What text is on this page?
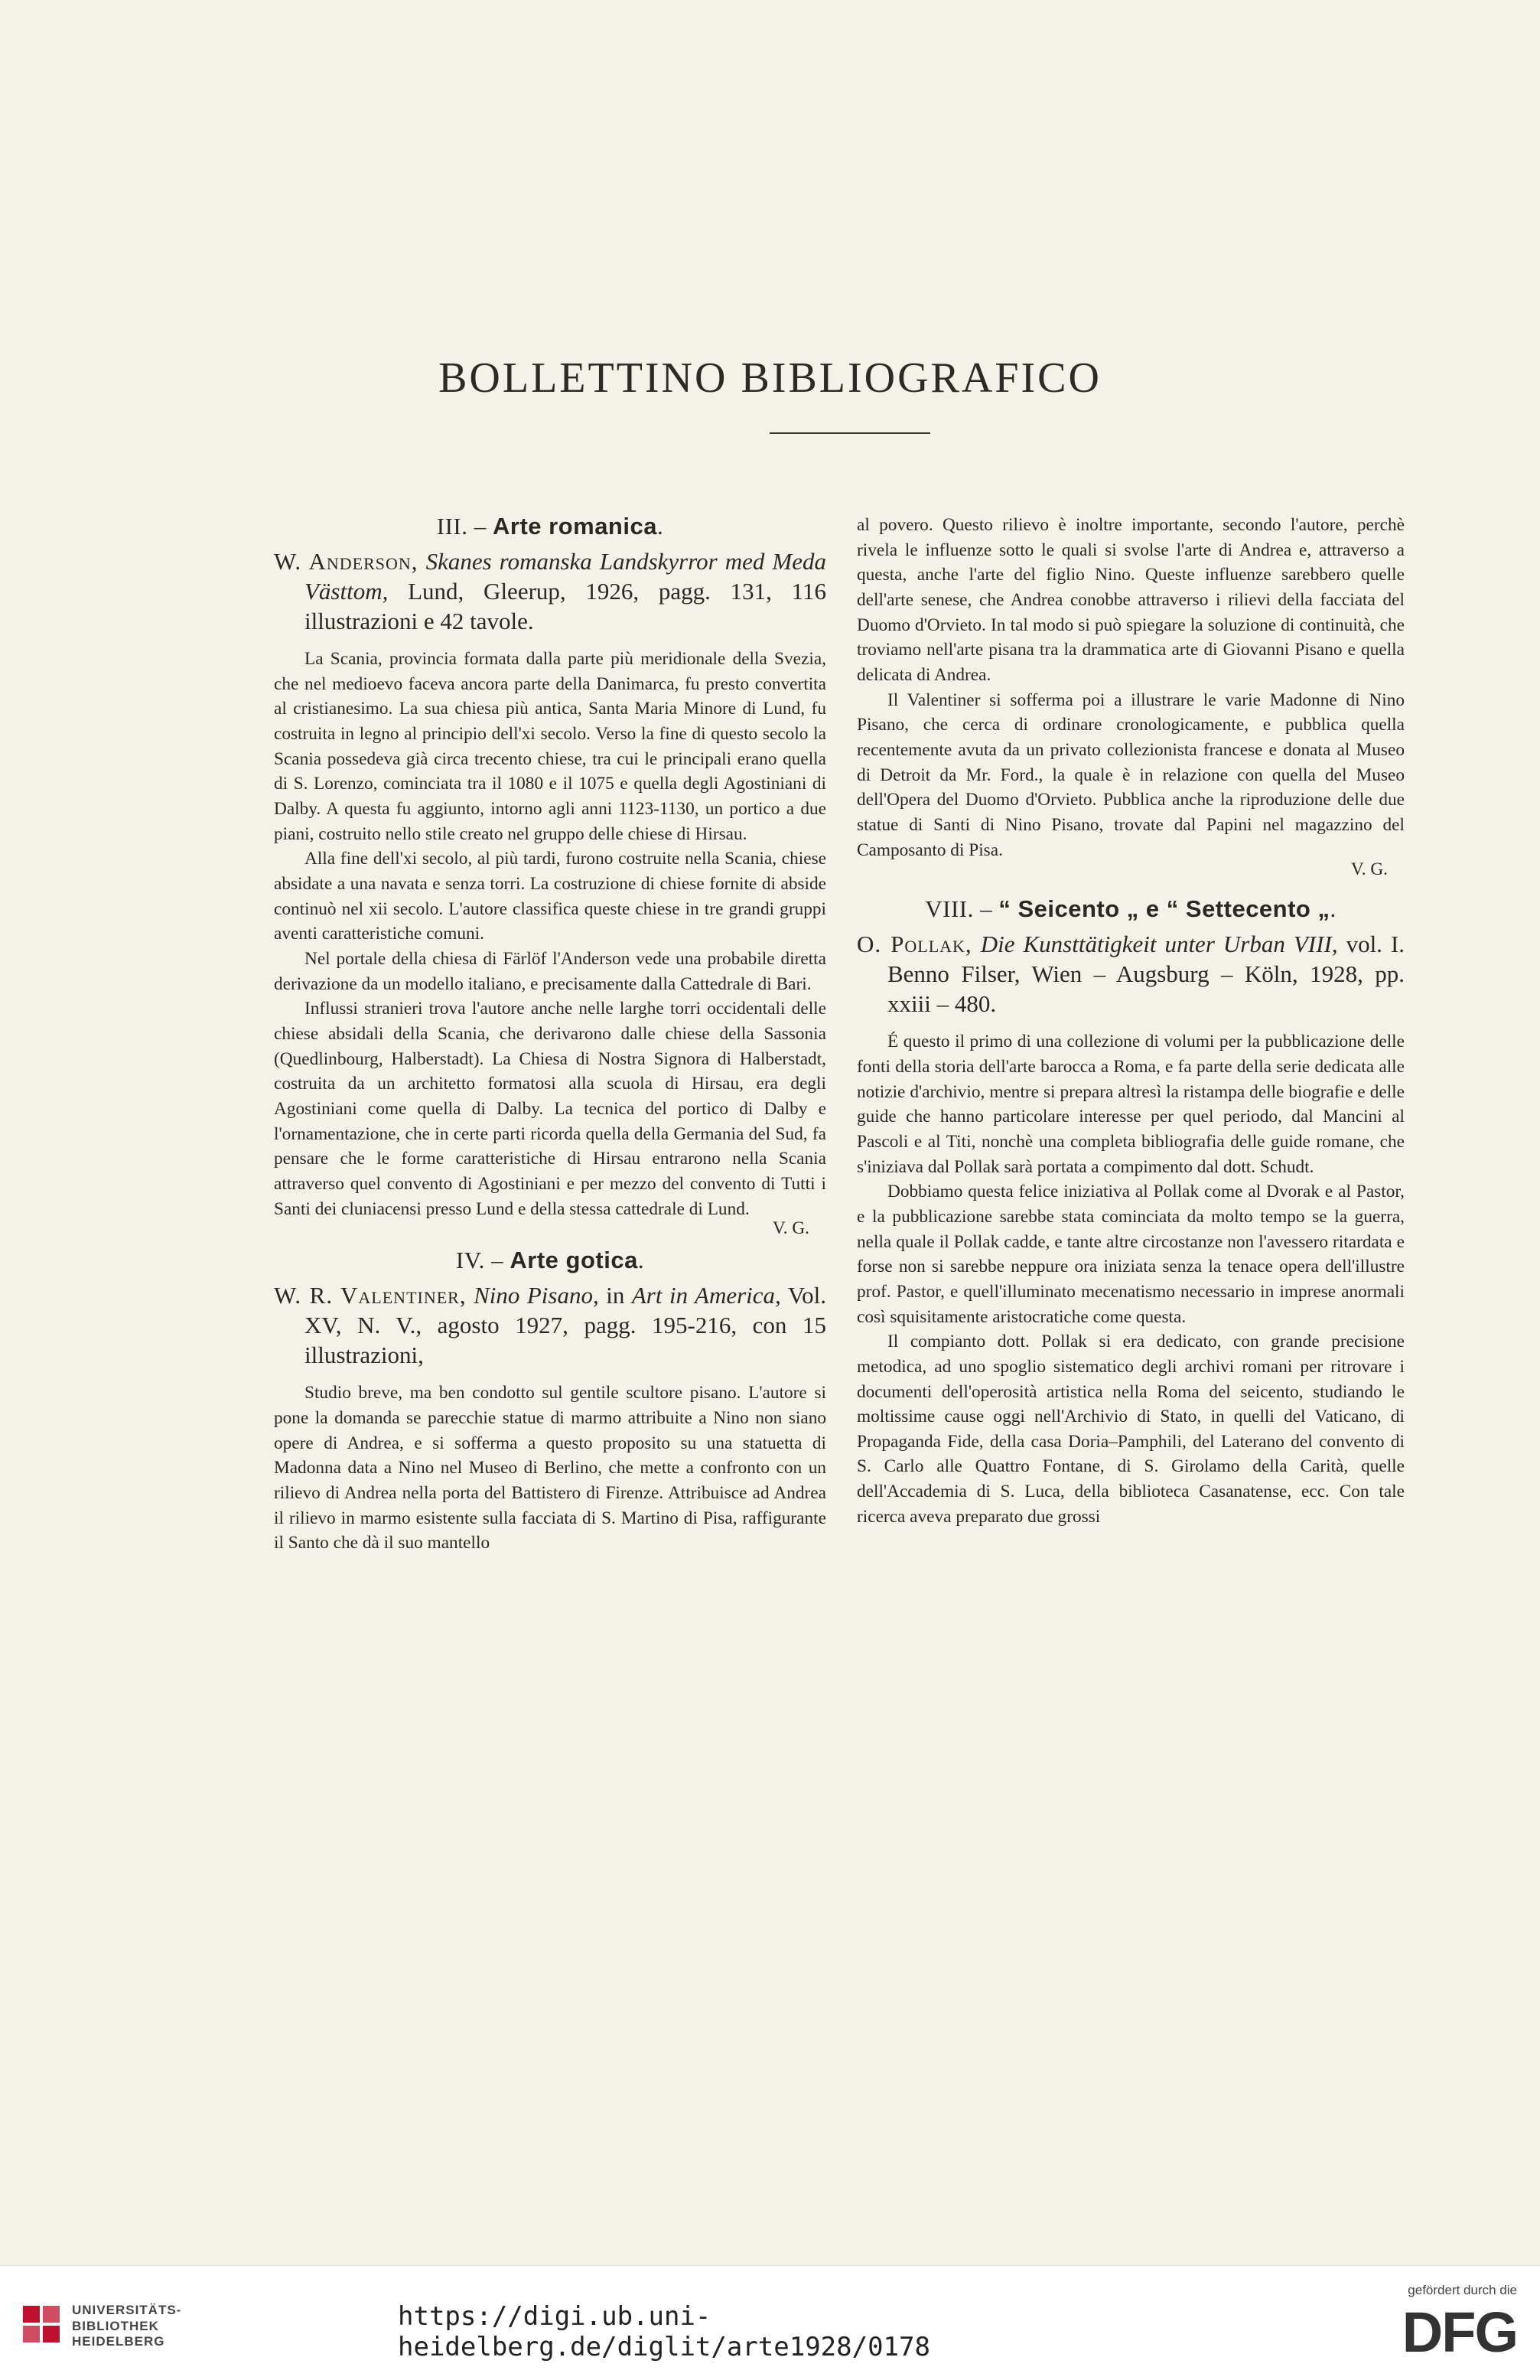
BOLLETTINO BIBLIOGRAFICO
III. – Arte romanica.
W. Anderson, Skanes romanska Landskyrror med Meda Västtom, Lund, Gleerup, 1926, pagg. 131, 116 illustrazioni e 42 tavole.

La Scania, provincia formata dalla parte più meridionale della Svezia, che nel medioevo faceva ancora parte della Danimarca, fu presto convertita al cristianesimo. La sua chiesa più antica, Santa Maria Minore di Lund, fu costruita in legno al principio dell'xi secolo. Verso la fine di questo secolo la Scania possedeva già circa trecento chiese, tra cui le principali erano quella di S. Lorenzo, cominciata tra il 1080 e il 1075 e quella degli Agostiniani di Dalby. A questa fu aggiunto, intorno agli anni 1123-1130, un portico a due piani, costruito nello stile creato nel gruppo delle chiese di Hirsau.

Alla fine dell'xi secolo, al più tardi, furono costruite nella Scania, chiese absidate a una navata e senza torri. La costruzione di chiese fornite di abside continuò nel xii secolo. L'autore classifica queste chiese in tre grandi gruppi aventi caratteristiche comuni.

Nel portale della chiesa di Färlöf l'Anderson vede una probabile diretta derivazione da un modello italiano, e precisamente dalla Cattedrale di Bari.

Influssi stranieri trova l'autore anche nelle larghe torri occidentali delle chiese absidali della Scania, che derivarono dalle chiese della Sassonia (Quedlinbourg, Halberstadt). La Chiesa di Nostra Signora di Halberstadt, costruita da un architetto formatosi alla scuola di Hirsau, era degli Agostiniani come quella di Dalby. La tecnica del portico di Dalby e l'ornamentazione, che in certe parti ricorda quella della Germania del Sud, fa pensare che le forme caratteristiche di Hirsau entrarono nella Scania attraverso quel convento di Agostiniani e per mezzo del convento di Tutti i Santi dei cluniacensi presso Lund e della stessa cattedrale di Lund.

V. G.
IV. – Arte gotica.
W. R. Valentiner, Nino Pisano, in Art in America, Vol. XV, N. V., agosto 1927, pagg. 195-216, con 15 illustrazioni,

Studio breve, ma ben condotto sul gentile scultore pisano. L'autore si pone la domanda se parecchie statue di marmo attribuite a Nino non siano opere di Andrea, e si sofferma a questo proposito su una statuetta di Madonna data a Nino nel Museo di Berlino, che mette a confronto con un rilievo di Andrea nella porta del Battistero di Firenze. Attribuisce ad Andrea il rilievo in marmo esistente sulla facciata di S. Martino di Pisa, raffigurante il Santo che dà il suo mantello

al povero. Questo rilievo è inoltre importante, secondo l'autore, perchè rivela le influenze sotto le quali si svolse l'arte di Andrea e, attraverso a questa, anche l'arte del figlio Nino. Queste influenze sarebbero quelle dell'arte senese, che Andrea conobbe attraverso i rilievi della facciata del Duomo d'Orvieto. In tal modo si può spiegare la soluzione di continuità, che troviamo nell'arte pisana tra la drammatica arte di Giovanni Pisano e quella delicata di Andrea.

Il Valentiner si sofferma poi a illustrare le varie Madonne di Nino Pisano, che cerca di ordinare cronologicamente, e pubblica quella recentemente avuta da un privato collezionista francese e donata al Museo di Detroit da Mr. Ford., la quale è in relazione con quella del Museo dell'Opera del Duomo d'Orvieto. Pubblica anche la riproduzione delle due statue di Santi di Nino Pisano, trovate dal Papini nel magazzino del Camposanto di Pisa.

V. G.
VIII. – “ Seicento „ e “ Settecento „.
O. Pollak, Die Kunsttätigkeit unter Urban VIII, vol. I. Benno Filser, Wien – Augsburg – Köln, 1928, pp. xxiii – 480.

É questo il primo di una collezione di volumi per la pubblicazione delle fonti della storia dell'arte barocca a Roma, e fa parte della serie dedicata alle notizie d'archivio, mentre si prepara altresì la ristampa delle biografie e delle guide che hanno particolare interesse per quel periodo, dal Mancini al Pascoli e al Titi, nonchè una completa bibliografia delle guide romane, che s'iniziava dal Pollak sarà portata a compimento dal dott. Schudt.

Dobbiamo questa felice iniziativa al Pollak come al Dvorak e al Pastor, e la pubblicazione sarebbe stata cominciata da molto tempo se la guerra, nella quale il Pollak cadde, e tante altre circostanze non l'avessero ritardata e forse non si sarebbe neppure ora iniziata senza la tenace opera dell'illustre prof. Pastor, e quell'illuminato mecenatismo necessario in imprese anormali così squisitamente aristocratiche come questa.

Il compianto dott. Pollak si era dedicato, con grande precisione metodica, ad uno spoglio sistematico degli archivi romani per ritrovare i documenti dell'operosità artistica nella Roma del seicento, studiando le moltissime cause oggi nell'Archivio di Stato, in quelli del Vaticano, di Propaganda Fide, della casa Doria–Pamphili, del Laterano del convento di S. Carlo alle Quattro Fontane, di S. Girolamo della Carità, quelle dell'Accademia di S. Luca, della biblioteca Casanatense, ecc. Con tale ricerca aveva preparato due grossi

UNIVERSITÄTS-
BIBLIOTHEK
HEIDELBERG
https://digi.ub.uni-heidelberg.de/diglit/arte1928/0178
gefördert durch die
DFG
